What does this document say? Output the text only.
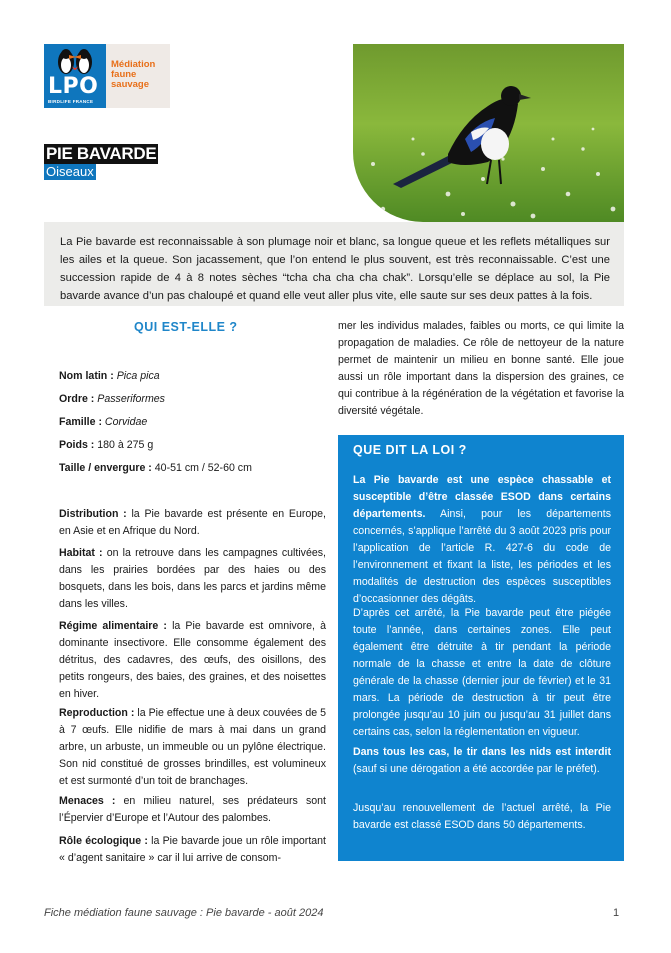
LPO
BIRDLIFE FRANCE
Médiation
faune
sauvage
PIE BAVARDE
Oiseaux

La Pie bavarde est reconnaissable à son plumage noir et blanc, sa longue queue et les reflets métalliques sur les ailes et la queue. Son jacassement, que l’on entend le plus souvent, est très reconnaissable. C’est une succession rapide de 4 à 8 notes sèches “tcha cha cha cha chak”. Lorsqu’elle se déplace au sol, la Pie bavarde avance d’un pas chaloupé et quand elle veut aller plus vite, elle saute sur ses deux pattes à la fois.

QUI EST-ELLE ?
Nom latin : Pica pica
Ordre : Passeriformes
Famille : Corvidae
Poids : 180 à 275 g
Taille / envergure : 40-51 cm / 52-60 cm

Distribution : la Pie bavarde est présente en Europe, en Asie et en Afrique du Nord.

Habitat : on la retrouve dans les campagnes cultivées, dans les prairies bordées par des haies ou des bosquets, dans les bois, dans les parcs et jardins même dans les villes.

Régime alimentaire : la Pie bavarde est omnivore, à dominante insectivore. Elle consomme également des détritus, des cadavres, des œufs, des oisillons, des petits rongeurs, des baies, des graines, et des noisettes en hiver.

Reproduction : la Pie effectue une à deux couvées de 5 à 7 œufs. Elle nidifie de mars à mai dans un grand arbre, un arbuste, un immeuble ou un pylône électrique. Son nid constitué de grosses brindilles, est volumineux et est surmonté d’un toit de branchages.

Menaces : en milieu naturel, ses prédateurs sont l’Épervier d’Europe et l’Autour des palombes.

Rôle écologique : la Pie bavarde joue un rôle important « d’agent sanitaire » car il lui arrive de consom-

mer les individus malades, faibles ou morts, ce qui limite la propagation de maladies. Ce rôle de nettoyeur de la nature permet de maintenir un milieu en bonne santé. Elle joue aussi un rôle important dans la dispersion des graines, ce qui contribue à la régénération de la végétation et favorise la diversité végétale.

QUE DIT LA LOI ?

La Pie bavarde est une espèce chassable et susceptible d’être classée ESOD dans certains départements. Ainsi, pour les départements concernés, s’applique l’arrêté du 3 août 2023 pris pour l’application de l’article R. 427-6 du code de l’environnement et fixant la liste, les périodes et les modalités de destruction des espèces susceptibles d’occasionner des dégâts.

D’après cet arrêté, la Pie bavarde peut être piégée toute l’année, dans certaines zones. Elle peut également être détruite à tir pendant la période normale de la chasse et entre la date de clôture générale de la chasse (dernier jour de février) et le 31 mars. La période de destruction à tir peut être prolongée jusqu’au 10 juin ou jusqu’au 31 juillet dans certains cas, selon la réglementation en vigueur.

Dans tous les cas, le tir dans les nids est interdit (sauf si une dérogation a été accordée par le préfet).

Jusqu’au renouvellement de l’actuel arrêté, la Pie bavarde est classé ESOD dans 50 départements.

Fiche médiation faune sauvage : Pie bavarde - août 2024	1
